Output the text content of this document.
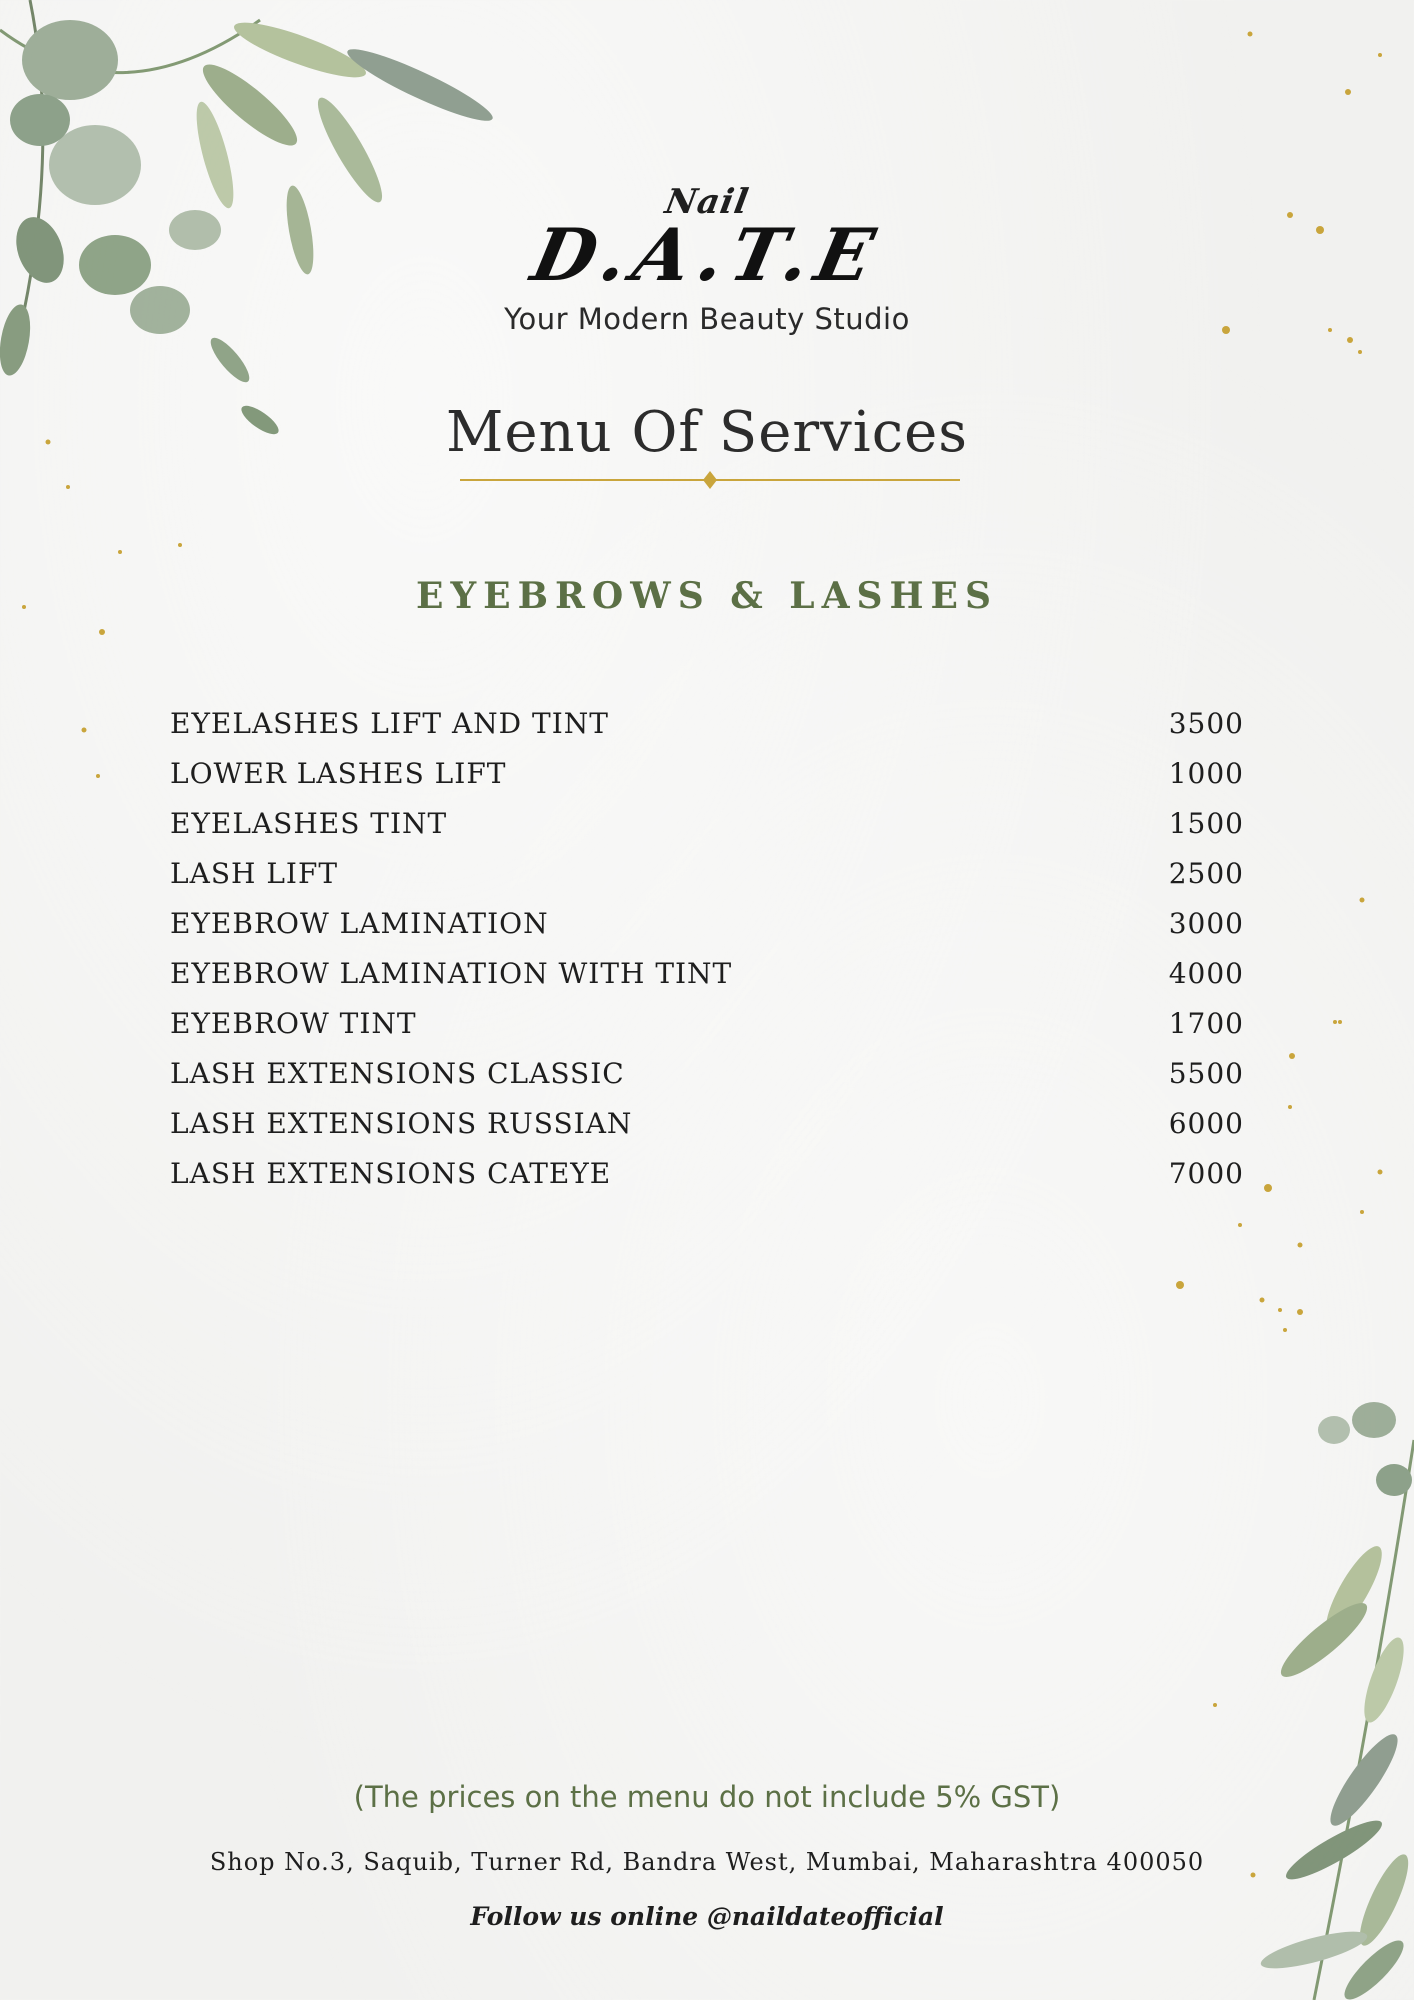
Nail
D.A.T.E
Your Modern Beauty Studio
Menu Of Services
EYEBROWS & LASHES
EYELASHES LIFT AND TINT	3500
LOWER LASHES LIFT	1000
EYELASHES TINT	1500
LASH LIFT	2500
EYEBROW LAMINATION	3000
EYEBROW LAMINATION WITH TINT	4000
EYEBROW TINT	1700
LASH EXTENSIONS CLASSIC	5500
LASH EXTENSIONS RUSSIAN	6000
LASH EXTENSIONS CATEYE	7000
(The prices on the menu do not include 5% GST)
Shop No.3, Saquib, Turner Rd, Bandra West, Mumbai, Maharashtra 400050
Follow us online @naildateofficial
